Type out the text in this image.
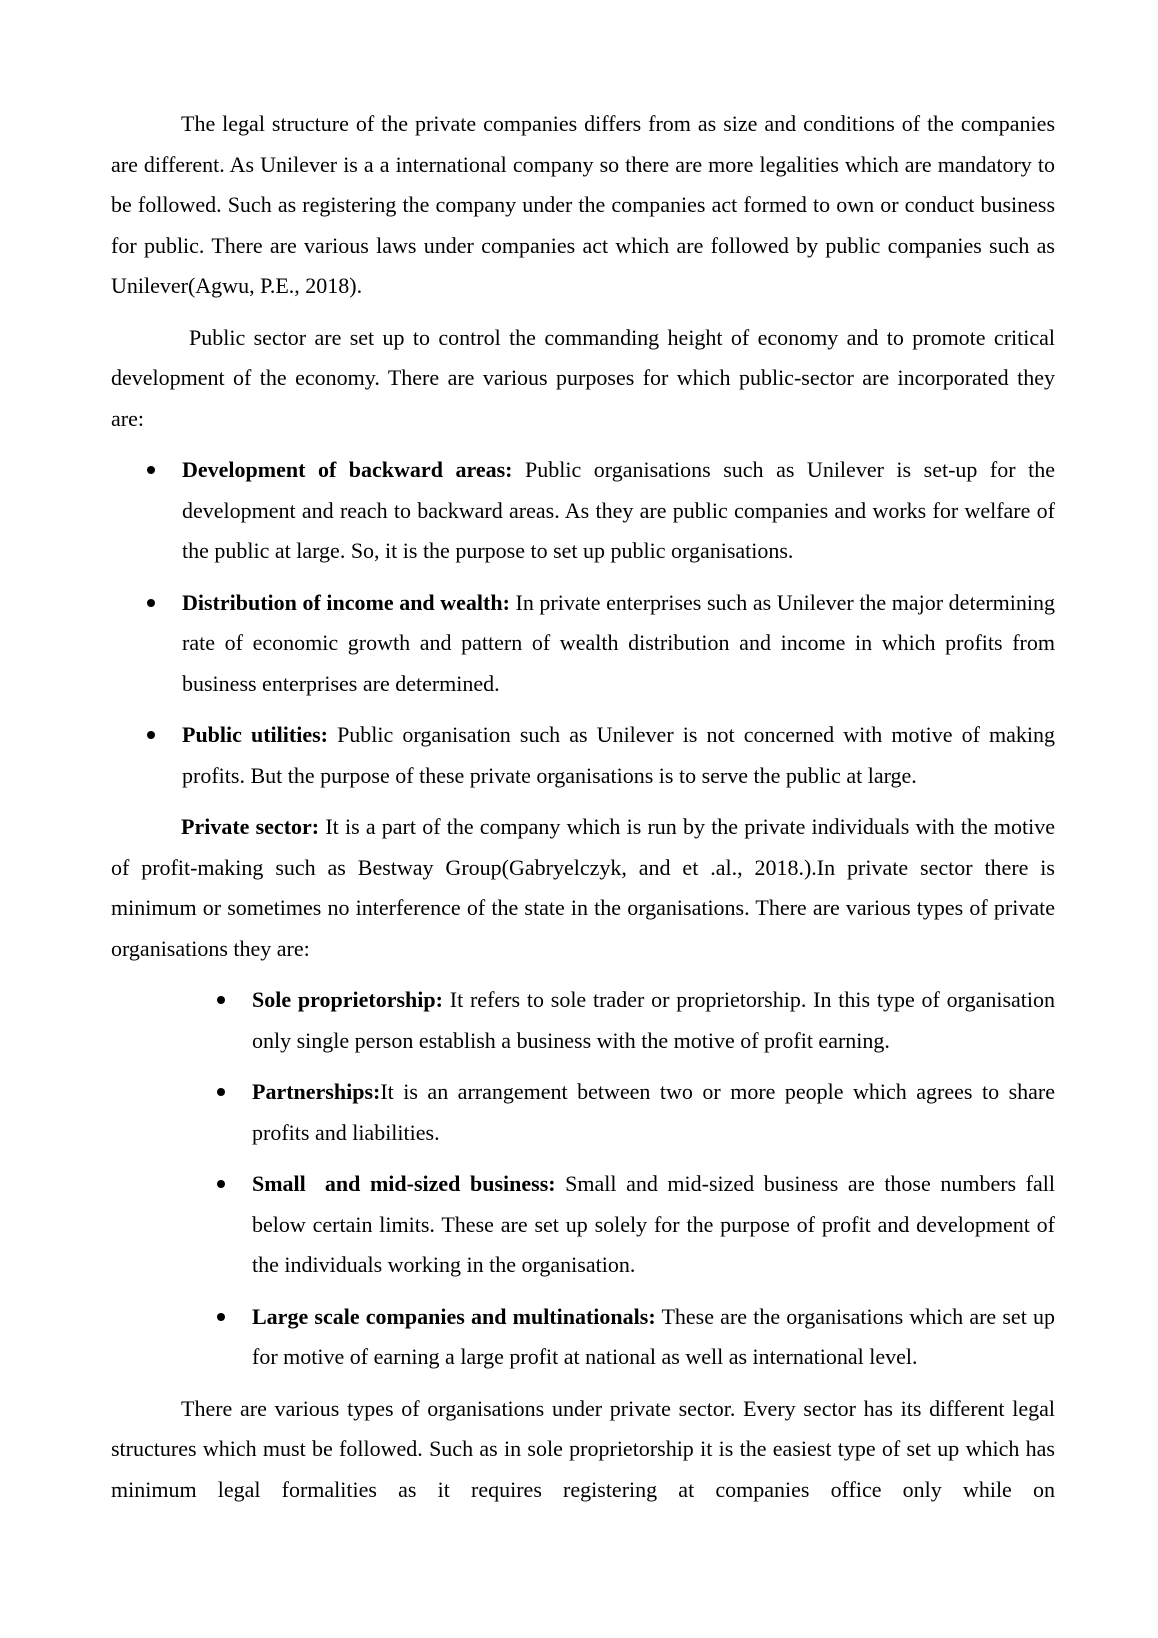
The legal structure of the private companies differs from as size and conditions of the companies are different. As Unilever is a a international company so there are more legalities which are mandatory to be followed. Such as registering the company under the companies act formed to own or conduct business for public. There are various laws under companies act which are followed by public companies such as Unilever(Agwu, P.E., 2018).

Public sector are set up to control the commanding height of economy and to promote critical development of the economy. There are various purposes for which public-sector are incorporated they are:

Development of backward areas: Public organisations such as Unilever is set-up for the development and reach to backward areas. As they are public companies and works for welfare of the public at large. So, it is the purpose to set up public organisations.
Distribution of income and wealth: In private enterprises such as Unilever the major determining rate of economic growth and pattern of wealth distribution and income in which profits from business enterprises are determined.
Public utilities: Public organisation such as Unilever is not concerned with motive of making profits. But the purpose of these private organisations is to serve the public at large.

Private sector: It is a part of the company which is run by the private individuals with the motive of profit-making such as Bestway Group(Gabryelczyk, and et .al., 2018.).In private sector there is minimum or sometimes no interference of the state in the organisations. There are various types of private organisations they are:

Sole proprietorship: It refers to sole trader or proprietorship. In this type of organisation only single person establish a business with the motive of profit earning.
Partnerships:It is an arrangement between two or more people which agrees to share profits and liabilities.
Small  and mid-sized business: Small and mid-sized business are those numbers fall below certain limits. These are set up solely for the purpose of profit and development of the individuals working in the organisation.
Large scale companies and multinationals: These are the organisations which are set up for motive of earning a large profit at national as well as international level.

There are various types of organisations under private sector. Every sector has its different legal structures which must be followed. Such as in sole proprietorship it is the easiest type of set up which has minimum legal formalities as it requires registering at companies office only while on
